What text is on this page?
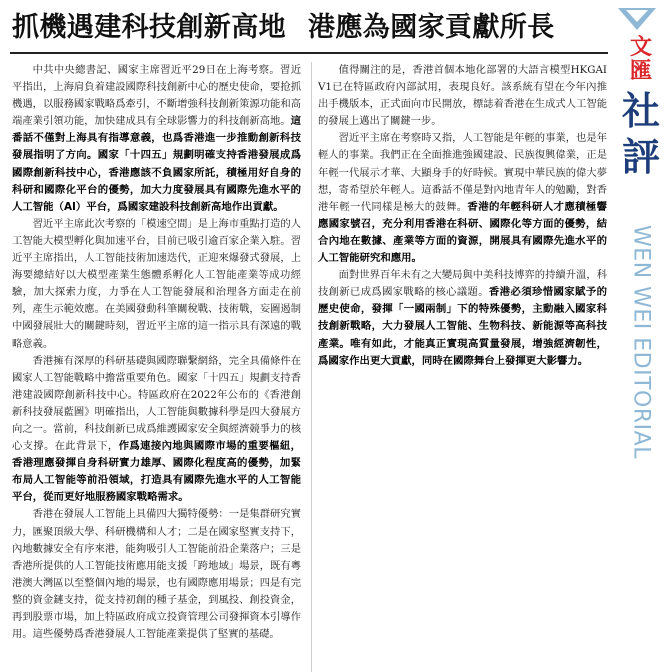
抓機遇建科技創新高地 港應為國家貢獻所長

中共中央總書記、國家主席習近平29日在上海考察。習近平指出，上海肩負着建設國際科技創新中心的歷史使命，要抢抓機遇，以服務國家戰略爲牽引，不斷增強科技創新策源功能和高端產業引領功能，加快建成具有全球影響力的科技創新高地。這番話不僅對上海具有指導意義，也爲香港進一步推動創新科技發展指明了方向。國家「十四五」規劃明確支持香港發展成爲國際創新科技中心，香港應該不負國家所託，積極用好自身的科研和國際化平台的優勢，加大力度發展具有國際先進水平的人工智能（AI）平台，爲國家建設科技創新高地作出貢獻。

習近平主席此次考察的「模速空間」是上海市重點打造的人工智能大模型孵化與加速平台，目前已吸引逾百家企業入駐。習近平主席指出，人工智能技術加速迭代，正迎來爆發式發展，上海要總結好以大模型產業生態體系孵化人工智能產業等成功經驗，加大探索力度，力爭在人工智能發展和治理各方面走在前列，產生示範效應。在美國發動科筆關稅戰、技術戰，妄圖遏制中國發展壯大的關鍵時刻，習近平主席的這一指示具有深遠的戰略意義。

香港擁有深厚的科研基礎與國際聯繫網絡，完全具備條件在國家人工智能戰略中擔當重要角色。國家「十四五」規劃支持香港建設國際創新科技中心。特區政府在2022年公布的《香港創新科技發展藍圖》明確指出，人工智能與數據科學是四大發展方向之一。當前，科技創新已成爲維護國家安全與經濟競爭力的核心支撐。在此背景下，作爲連接內地與國際市場的重要樞紐，香港理應發揮自身科研實力雄厚、國際化程度高的優勢，加緊布局人工智能等前沿領域，打造具有國際先進水平的人工智能平台，從而更好地服務國家戰略需求。

香港在發展人工智能上具備四大獨特優勢：一是集群研究實力，匯聚頂級大學、科研機構和人才；二是在國家堅實支持下，內地數據安全有序來港，能夠吸引人工智能前沿企業落户；三是香港所提供的人工智能技術應用能支援「跨地域」場景，既有粵港澳大灣區以至整個內地的場景，也有國際應用場景；四是有完整的資金鏈支持，從支持初創的種子基金，到風投、創投資金，再到股票市場，加上特區政府成立投資管理公司發揮資本引導作用。這些優勢爲香港發展人工智能產業提供了堅實的基礎。

值得關注的是，香港首個本地化部署的大語言模型HKGAI V1已在特區政府內部試用，表現良好。該系統有望在今年內推出手機版本，正式面向市民開放，標誌着香港在生成式人工智能的發展上邁出了關鍵一步。

習近平主席在考察時又指，人工智能是年輕的事業，也是年輕人的事業。我們正在全面推進強國建設、民族復興偉業，正是年輕一代展示才華、大顯身手的好時候。實現中華民族的偉大夢想，寄希望於年輕人。這番話不僅是對內地青年人的勉勵，對香港年輕一代同樣是極大的鼓舞。香港的年輕科研人才應積極響應國家號召，充分利用香港在科研、國際化等方面的優勢，結合內地在數據、產業等方面的資源，開展具有國際先進水平的人工智能研究和應用。

面對世界百年未有之大變局與中美科技博弈的持續升溫，科技創新已成爲國家戰略的核心議題。香港必須珍惜國家賦予的歷史使命，發揮「一國兩制」下的特殊優勢，主動融入國家科技創新戰略，大力發展人工智能、生物科技、新能源等高科技產業。唯有如此，才能真正實現高質量發展，增強經濟韌性，爲國家作出更大貢獻，同時在國際舞台上發揮更大影響力。

文
匯
社
評
WEN WEI EDITORIAL
